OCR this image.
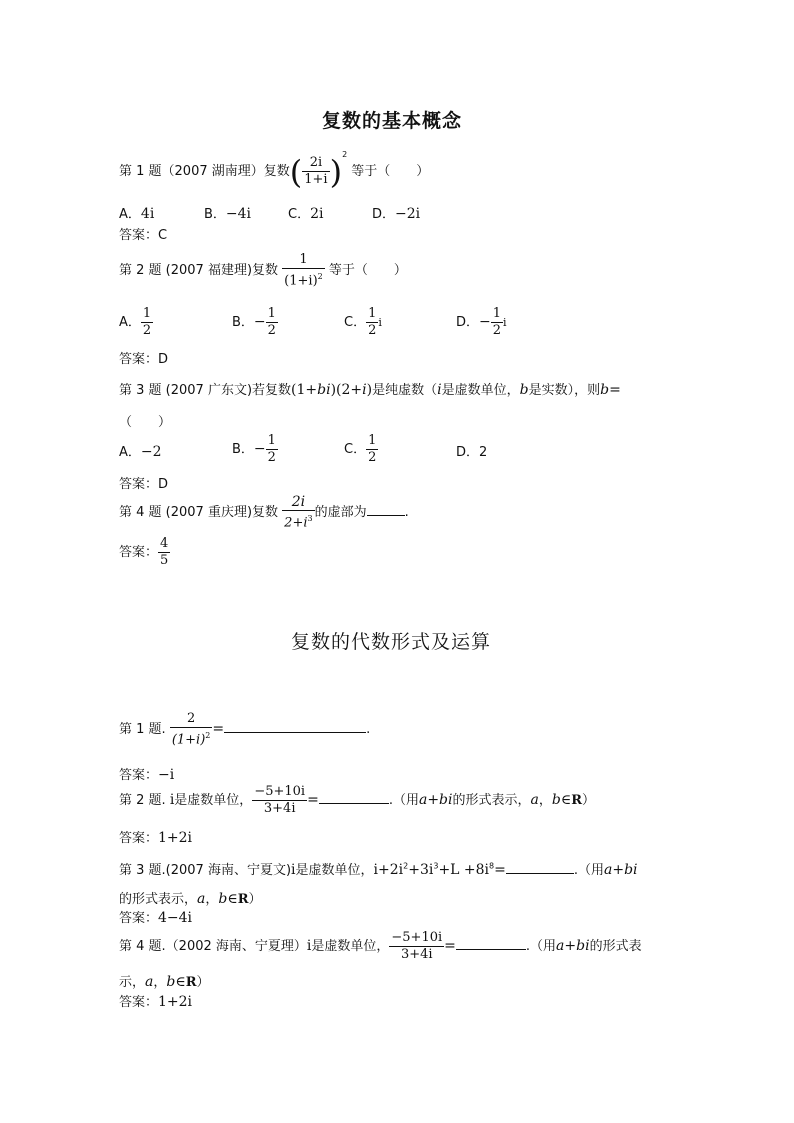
复数的基本概念
第 1 题（2007 湖南理）复数( $\frac{2i}{1+i} )^2$ 等于（　　）
A．4i	B．−4i	C．2i	D．−2i
答案：C
第 2 题 (2007 福建理)复数 $\frac{1}{(1+i)^2}$ 等于（　　）
A． $\frac{1}{2}$	B．− $\frac{1}{2}$	C． $\frac{1}{2}$ i	D．− $\frac{1}{2}$ i
答案：D
第 3 题 (2007 广东文)若复数(1+bi)(2+i)是纯虚数（i是虚数单位，b是实数），则b=
（　　）
A．−2	B．− $\frac{1}{2}$	C． $\frac{1}{2}$	D．2
答案：D
第 4 题 (2007 重庆理)复数 $\frac{2i}{2+i^3}$ 的虚部为	.
答案： $\frac{4}{5}$
复数的代数形式及运算
第 1 题. $\frac{2}{(1+i)^2}$ =	.
答案：−i
第 2 题. i是虚数单位， $\frac{-5+10i}{3+4i}$ =	.（用a+bi的形式表示，a，b∈R）
答案：1+2i
第 3 题.(2007 海南、宁夏文)i是虚数单位，$i+2i^2+3i^3+L +8i^8=$	.（用a+bi
的形式表示，a，b∈R）
答案：4−4i
第 4 题.（2002 海南、宁夏理）i是虚数单位， $\frac{-5+10i}{3+4i}$ =	.（用a+bi的形式表
示，a，b∈R）
答案：1+2i
